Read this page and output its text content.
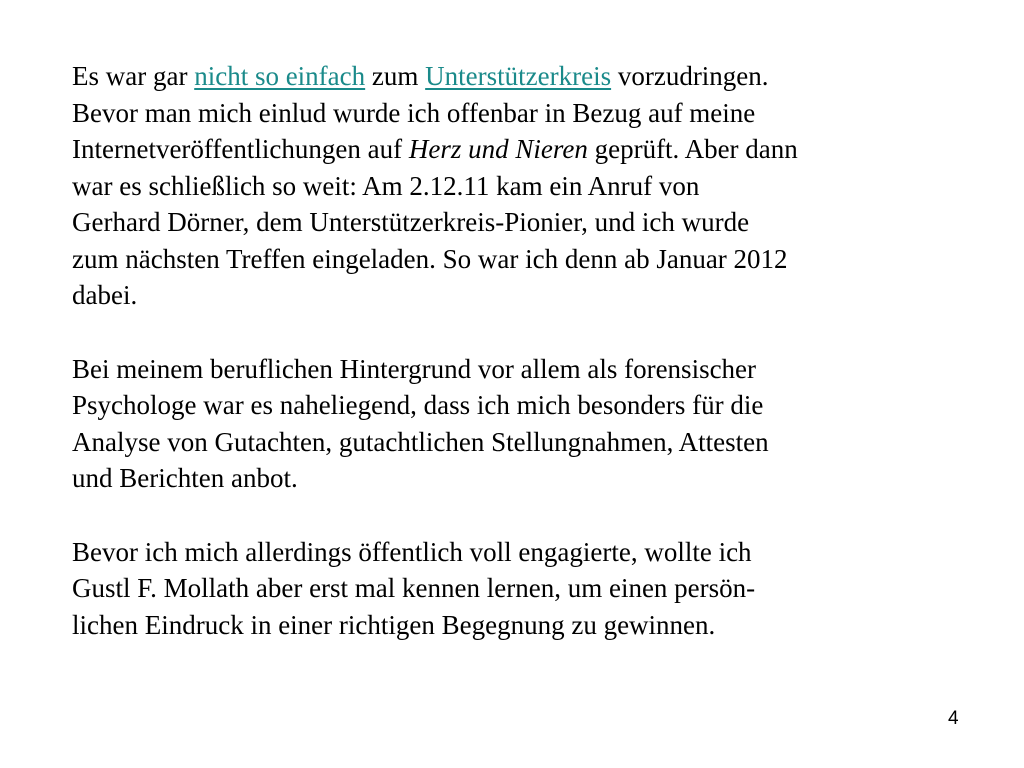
Es war gar nicht so einfach zum Unterstützerkreis vorzudringen.
Bevor man mich einlud wurde ich offenbar in Bezug auf meine
Internetveröffentlichungen auf Herz und Nieren geprüft. Aber dann
war es schließlich so weit: Am 2.12.11 kam ein Anruf von
Gerhard Dörner, dem Unterstützerkreis-Pionier, und ich wurde
zum nächsten Treffen eingeladen. So war ich denn ab Januar 2012
dabei.

Bei meinem beruflichen Hintergrund vor allem als forensischer
Psychologe war es naheliegend, dass ich mich besonders für die
Analyse von Gutachten, gutachtlichen Stellungnahmen, Attesten
und Berichten anbot.

Bevor ich mich allerdings öffentlich voll engagierte, wollte ich
Gustl F. Mollath aber erst mal kennen lernen, um einen persön-
lichen Eindruck in einer richtigen Begegnung zu gewinnen.

4
